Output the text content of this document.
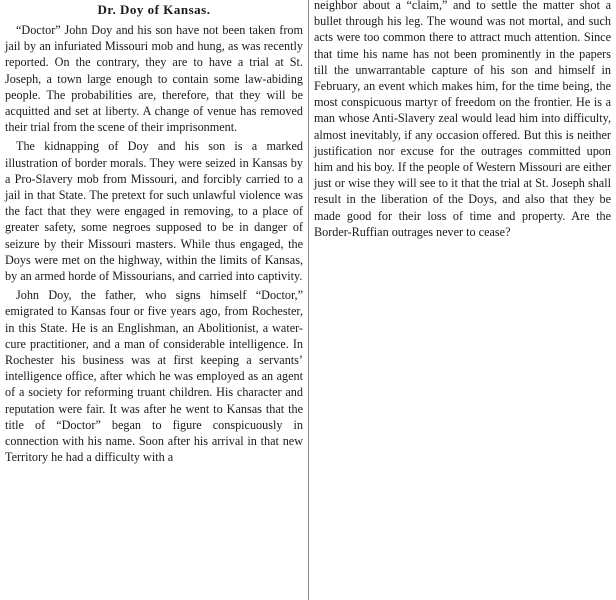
Dr. Doy of Kansas.

“Doctor” John Doy and his son have not been taken from jail by an infuriated Missouri mob and hung, as was recently reported. On the contrary, they are to have a trial at St. Joseph, a town large enough to contain some law-abiding people. The probabilities are, therefore, that they will be acquitted and set at liberty. A change of venue has removed their trial from the scene of their imprisonment.

The kidnapping of Doy and his son is a marked illustration of border morals. They were seized in Kansas by a Pro-Slavery mob from Missouri, and forcibly carried to a jail in that State. The pretext for such unlawful violence was the fact that they were engaged in removing, to a place of greater safety, some negroes supposed to be in danger of seizure by their Missouri masters. While thus engaged, the Doys were met on the highway, within the limits of Kansas, by an armed horde of Missourians, and carried into captivity.

John Doy, the father, who signs himself “Doctor,” emigrated to Kansas four or five years ago, from Rochester, in this State. He is an Englishman, an Abolitionist, a water-cure practitioner, and a man of considerable intelligence. In Rochester his business was at first keeping a servants’ intelligence office, after which he was employed as an agent of a society for reforming truant children. His character and reputation were fair. It was after he went to Kansas that the title of “Doctor” began to figure conspicuously in connection with his name. Soon after his arrival in that new Territory he had a difficulty with a

neighbor about a “claim,” and to settle the matter shot a bullet through his leg. The wound was not mortal, and such acts were too common there to attract much attention. Since that time his name has not been prominently in the papers till the unwarrantable capture of his son and himself in February, an event which makes him, for the time being, the most conspicuous martyr of freedom on the frontier. He is a man whose Anti-Slavery zeal would lead him into difficulty, almost inevitably, if any occasion offered. But this is neither justification nor excuse for the outrages committed upon him and his boy. If the people of Western Missouri are either just or wise they will see to it that the trial at St. Joseph shall result in the liberation of the Doys, and also that they be made good for their loss of time and property. Are the Border-Ruffian outrages never to cease?
